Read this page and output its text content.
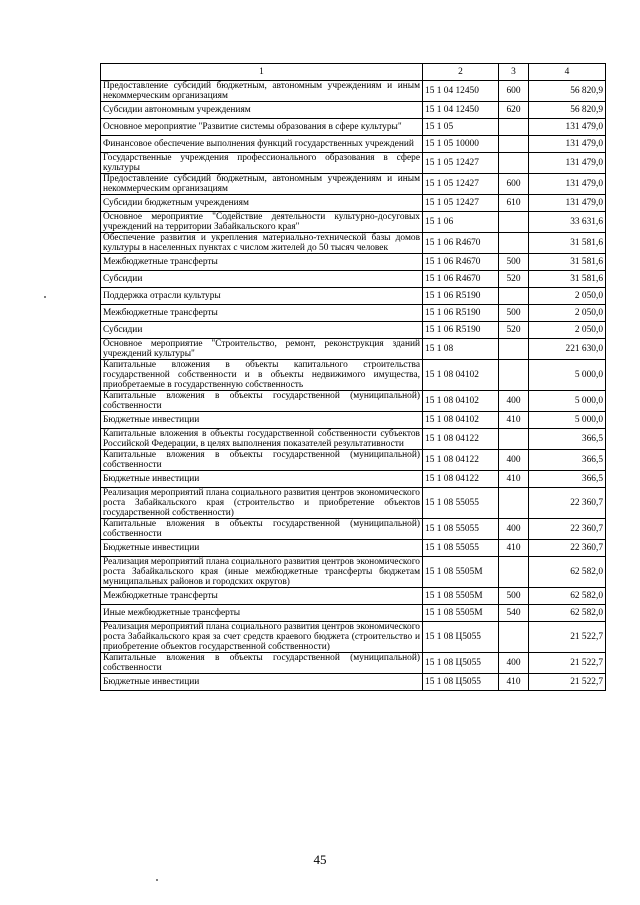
1	2	3	4
Предоставление субсидий бюджетным, автономным учреждениям и иным некоммерческим организациям	15 1 04 12450	600	56 820,9
Субсидии автономным учреждениям	15 1 04 12450	620	56 820,9
Основное мероприятие "Развитие системы образования в сфере культуры"	15 1 05		131 479,0
Финансовое обеспечение выполнения функций государственных учреждений	15 1 05 10000		131 479,0
Государственные учреждения профессионального образования в сфере культуры	15 1 05 12427		131 479,0
Предоставление субсидий бюджетным, автономным учреждениям и иным некоммерческим организациям	15 1 05 12427	600	131 479,0
Субсидии бюджетным учреждениям	15 1 05 12427	610	131 479,0
Основное мероприятие "Содействие деятельности культурно-досуговых учреждений на территории Забайкальского края"	15 1 06		33 631,6
Обеспечение развития и укрепления материально-технической базы домов культуры в населенных пунктах с числом жителей до 50 тысяч человек	15 1 06 R4670		31 581,6
Межбюджетные трансферты	15 1 06 R4670	500	31 581,6
Субсидии	15 1 06 R4670	520	31 581,6
Поддержка отрасли культуры	15 1 06 R5190		2 050,0
Межбюджетные трансферты	15 1 06 R5190	500	2 050,0
Субсидии	15 1 06 R5190	520	2 050,0
Основное мероприятие "Строительство, ремонт, реконструкция зданий учреждений культуры"	15 1 08		221 630,0
Капитальные вложения в объекты капитального строительства государственной собственности и в объекты недвижимого имущества, приобретаемые в государственную собственность	15 1 08 04102		5 000,0
Капитальные вложения в объекты государственной (муниципальной) собственности	15 1 08 04102	400	5 000,0
Бюджетные инвестиции	15 1 08 04102	410	5 000,0
Капитальные вложения в объекты государственной собственности субъектов Российской Федерации, в целях выполнения показателей результативности	15 1 08 04122		366,5
Капитальные вложения в объекты государственной (муниципальной) собственности	15 1 08 04122	400	366,5
Бюджетные инвестиции	15 1 08 04122	410	366,5
Реализация мероприятий плана социального развития центров экономического роста Забайкальского края (строительство и приобретение объектов государственной собственности)	15 1 08 55055		22 360,7
Капитальные вложения в объекты государственной (муниципальной) собственности	15 1 08 55055	400	22 360,7
Бюджетные инвестиции	15 1 08 55055	410	22 360,7
Реализация мероприятий плана социального развития центров экономического роста Забайкальского края (иные межбюджетные трансферты бюджетам муниципальных районов и городских округов)	15 1 08 5505М		62 582,0
Межбюджетные трансферты	15 1 08 5505М	500	62 582,0
Иные межбюджетные трансферты	15 1 08 5505М	540	62 582,0
Реализация мероприятий плана социального развития центров экономического роста Забайкальского края за счет средств краевого бюджета (строительство и приобретение объектов государственной собственности)	15 1 08 Ц5055		21 522,7
Капитальные вложения в объекты государственной (муниципальной) собственности	15 1 08 Ц5055	400	21 522,7
Бюджетные инвестиции	15 1 08 Ц5055	410	21 522,7
45
